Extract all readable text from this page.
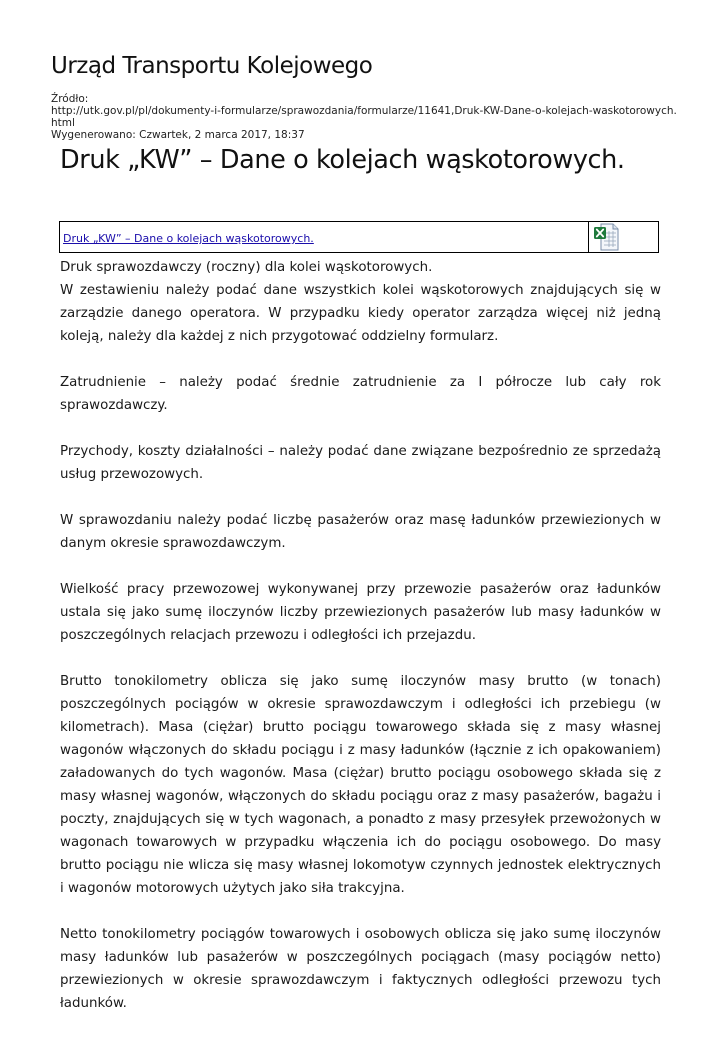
Urząd Transportu Kolejowego
Źródło:
http://utk.gov.pl/pl/dokumenty-i-formularze/sprawozdania/formularze/11641,Druk-KW-Dane-o-kolejach-waskotorowych.
html
Wygenerowano: Czwartek, 2 marca 2017, 18:37
Druk „KW” – Dane o kolejach wąskotorowych.
Druk „KW” – Dane o kolejach wąskotorowych.

Druk sprawozdawczy (roczny) dla kolei wąskotorowych.

W zestawieniu należy podać dane wszystkich kolei wąskotorowych znajdujących się w zarządzie danego operatora. W przypadku kiedy operator zarządza więcej niż jedną koleją, należy dla każdej z nich przygotować oddzielny formularz.

Zatrudnienie – należy podać średnie zatrudnienie za I półrocze lub cały rok sprawozdawczy.

Przychody, koszty działalności – należy podać dane związane bezpośrednio ze sprzedażą usług przewozowych.

W sprawozdaniu należy podać liczbę pasażerów oraz masę ładunków przewiezionych w danym okresie sprawozdawczym.

Wielkość pracy przewozowej wykonywanej przy przewozie pasażerów oraz ładunków ustala się jako sumę iloczynów liczby przewiezionych pasażerów lub masy ładunków w poszczególnych relacjach przewozu i odległości ich przejazdu.

Brutto tonokilometry oblicza się jako sumę iloczynów masy brutto (w tonach) poszczególnych pociągów w okresie sprawozdawczym i odległości ich przebiegu (w kilometrach). Masa (ciężar) brutto pociągu towarowego składa się z masy własnej wagonów włączonych do składu pociągu i z masy ładunków (łącznie z ich opakowaniem) załadowanych do tych wagonów. Masa (ciężar) brutto pociągu osobowego składa się z masy własnej wagonów, włączonych do składu pociągu oraz z masy pasażerów, bagażu i poczty, znajdujących się w tych wagonach, a ponadto z masy przesyłek przewożonych w wagonach towarowych w przypadku włączenia ich do pociągu osobowego. Do masy brutto pociągu nie wlicza się masy własnej lokomotyw czynnych jednostek elektrycznych i wagonów motorowych użytych jako siła trakcyjna.

Netto tonokilometry pociągów towarowych i osobowych oblicza się jako sumę iloczynów masy ładunków lub pasażerów w poszczególnych pociągach (masy pociągów netto) przewiezionych w okresie sprawozdawczym i faktycznych odległości przewozu tych ładunków.
